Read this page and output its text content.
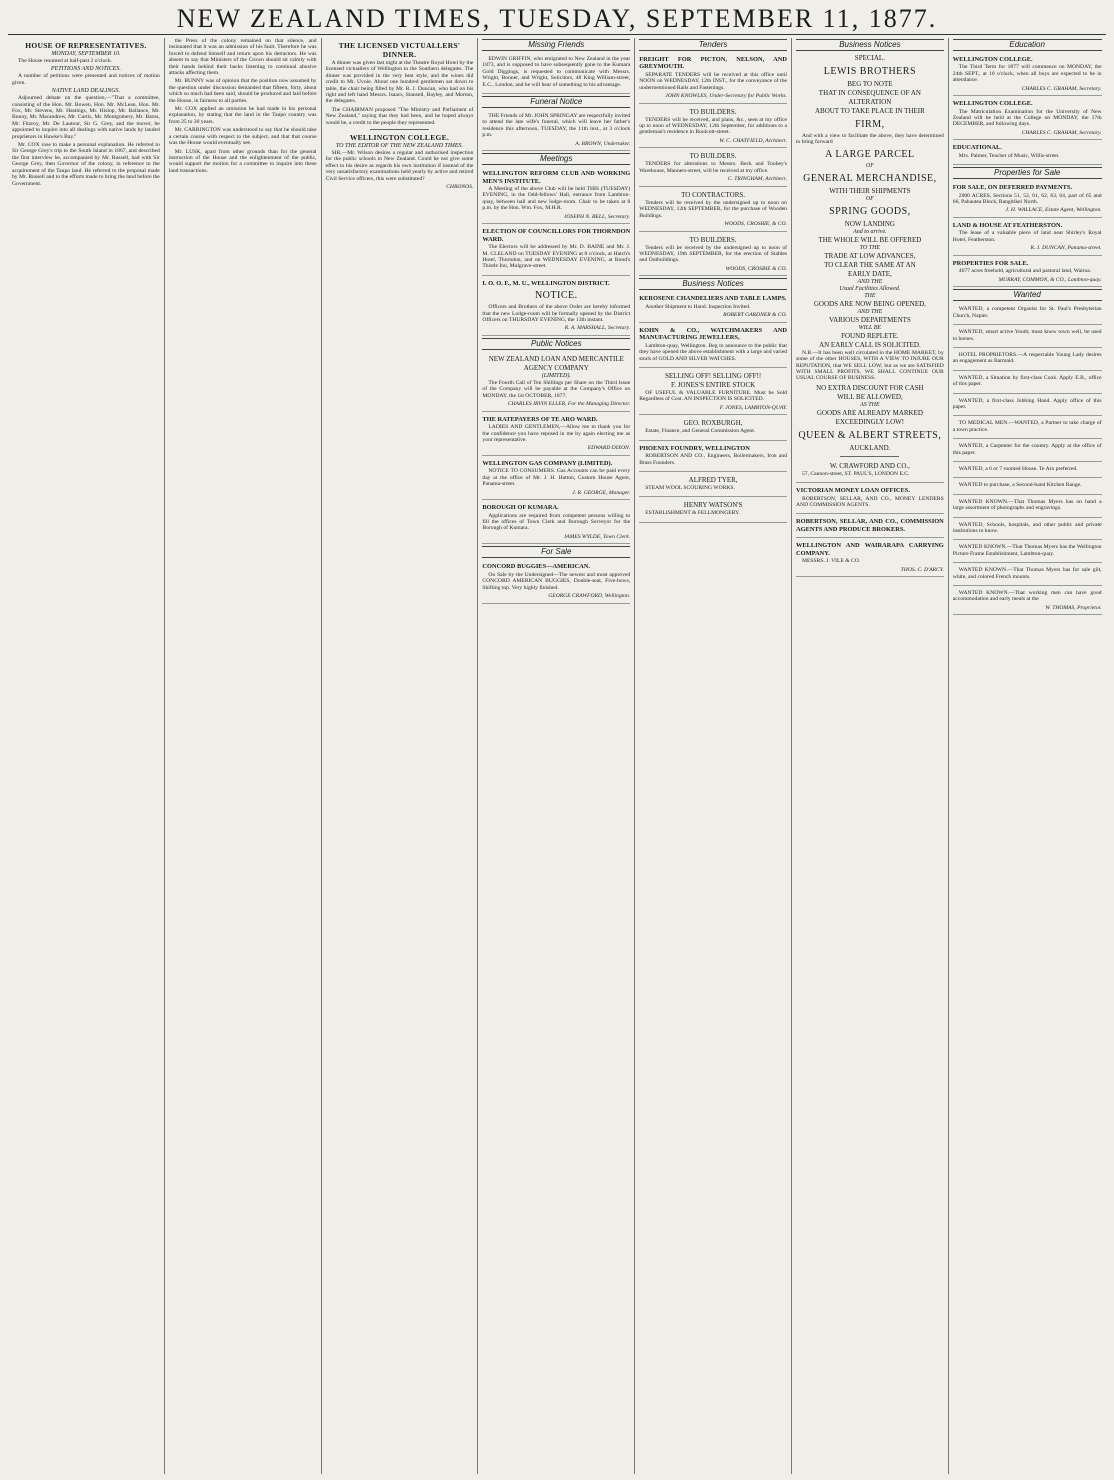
NEW ZEALAND TIMES, TUESDAY, SEPTEMBER 11, 1877.
HOUSE OF REPRESENTATIVES.
MONDAY, SEPTEMBER 10.

The House resumed at half-past 2 o'clock.

PETITIONS AND NOTICES.

A number of petitions were presented and notices of motion given.

NATIVE LAND DEALINGS.

Adjourned debate on the question,—"That a committee, consisting of the Hon. Mr. Bowen, Hon. Mr. McLean, Hon. Mr. Fox, Mr. Stevens, Mr. Hastings, Mr. Hislop, Mr. Ballance, Mr. Bunny, Mr. Macandrew, Mr. Curtis, Mr. Montgomery, Mr. Barns, Mr. Fitzroy, Mr. De Lautour, Sir G. Grey, and the mover, be appointed to inquire into all dealings with native lands by landed proprietors in Hawke's Bay."

Mr. COX rose to make a personal explanation. He referred to Sir George Grey's trip to the South Island in 1867, and described the first interview he, accompanied by Mr. Russell, had with Sir George Grey, then Governor of the colony, in reference to the acquirement of the Taupo land. He referred to the proposal made by Mr. Russell and to the efforts made to bring the land before the Government.

the Press of the colony remained on that silence, and insinuated that it was an admission of his fault. Therefore he was forced to defend himself and return upon his detractors. He was absent to say that Ministers of the Crown should sit calmly with their hands behind their backs listening to continual abusive attacks affecting them.

Mr. BUNNY was of opinion that the position now assumed by the question under discussion demanded that fifteen, forty, about which so much had been said, should be produced and laid before the House, in fairness to all parties.

Mr. COX applied an omission he had made in his personal explanation, by stating that the land in the Taupo country was from 25 to 30 years.

Mr. CARRINGTON was understood to say that he should take a certain course with respect to the subject, and that that course was the House would eventually see.

Mr. LUSK, apart from other grounds than for the general instruction of the House and the enlightenment of the public, would support the motion for a committee to inquire into these land transactions.

THE LICENSED VICTUALLERS' DINNER.

A dinner was given last night at the Theatre Royal Hotel by the licensed victuallers of Wellington to the Southern delegates. The dinner was provided in the very best style, and the wines did credit to Mr. Uvoie. About one hundred gentlemen sat down to table, the chair being filled by Mr. R. J. Duncan, who had on his right and left hand Messrs. Isaacs, Stansell, Bayley, and Morton, the delegates.

The CHAIRMAN proposed "The Ministry and Parliament of New Zealand," saying that they had been, and he hoped always would be, a credit to the people they represented.

WELLINGTON COLLEGE.
TO THE EDITOR OF THE NEW ZEALAND TIMES.

SIR,—Mr. Wilson desires a regular and authorised inspection for the public schools in New Zealand. Could he not give some effect to his desire as regards his own institution if instead of the very unsatisfactory examinations held yearly by active and retired Civil Service officers, this were substituted?

CHRONOS.
Missing Friends

EDWIN GRIFFIN, who emigrated to New Zealand in the year 1873, and is supposed to have subsequently gone to the Kumara Gold Diggings, is requested to communicate with Messrs. Wright, Bonner, and Wright, Solicitors, 48 King William-street, E.C., London, and he will hear of something to his advantage.

Funeral Notice

THE Friends of Mr. JOHN SPRINGAY are respectfully invited to attend the late wife's funeral, which will leave her father's residence this afternoon, TUESDAY, the 11th inst., at 3 o'clock p.m.

A. BROWN, Undertaker.
Meetings
WELLINGTON REFORM CLUB AND WORKING MEN'S INSTITUTE.

A Meeting of the above Club will be held THIS (TUESDAY) EVENING, in the Odd-fellows' Hall, entrance from Lambton-quay, between hall and new lodge-room. Chair to be taken at 8 p.m. by the Hon. Wm. Fox, M.H.R.

JOSEPH N. BELL, Secretary.
ELECTION OF COUNCILLORS FOR THORNDON WARD.

The Electors will be addressed by Mr. D. BAINE and Mr. J. M. CLELAND on TUESDAY EVENING at 8 o'clock, at Hatch's Hotel, Thorndon, and on WEDNESDAY EVENING, at Bond's Thistle Inn, Mulgrave-street.

I. O. O. F., M. U., WELLINGTON DISTRICT.
NOTICE.

Officers and Brothers of the above Order are hereby informed that the new Lodge-room will be formally opened by the District Officers on THURSDAY EVENING, the 13th instant.

R. A. MARSHALL, Secretary.
Public Notices
NEW ZEALAND LOAN AND MERCANTILE AGENCY COMPANY
(LIMITED).

The Fourth Call of Ten Shillings per Share on the Third Issue of the Company will be payable at the Company's Office on MONDAY, the 1st OCTOBER, 1877.

CHARLES IRVIN ELLER, For the Managing Director.
THE RATEPAYERS OF TE ARO WARD.

LADIES AND GENTLEMEN,—Allow me to thank you for the confidence you have reposed in me by again electing me as your representative.

EDWARD DIXON.
WELLINGTON GAS COMPANY (LIMITED).

NOTICE TO CONSUMERS. Gas Accounts can be paid every day at the office of Mr. J. H. Hatton, Custom House Agent, Panama-street.

J. R. GEORGE, Manager.
BOROUGH OF KUMARA.

Applications are required from competent persons willing to fill the offices of Town Clerk and Borough Surveyor for the Borough of Kumara.

JAMES WYLDE, Town Clerk.
For Sale
CONCORD BUGGIES—AMERICAN.

On Sale by the Undersigned—The newest and most approved CONCORD AMERICAN BUGGIES, Double-seat, Five-bows, Shifting top. Very highly finished.

GEORGE CRAWFORD, Wellington.
Tenders
FREIGHT FOR PICTON, NELSON, AND GREYMOUTH.

SEPARATE TENDERS will be received at this office until NOON on WEDNESDAY, 12th INST., for the conveyance of the undermentioned Rails and Fastenings.

JOHN KNOWLES, Under-Secretary for Public Works.
TO BUILDERS.

TENDERS will be received, and plans, &c., seen at my office up to noon of WEDNESDAY, 12th September, for additions to a gentleman's residence in Boulcott-street.

W. C. CHATFIELD, Architect.
TO BUILDERS.

TENDERS for alterations to Messrs. Beck and Toohey's Warehouse, Manners-street, will be received at my office.

C. TRINGHAM, Architect.
TO CONTRACTORS.

Tenders will be received by the undersigned up to noon on WEDNESDAY, 12th SEPTEMBER, for the purchase of Wooden Buildings.

WOODS, CROSBIE, & CO.
TO BUILDERS.

Tenders will be received by the undersigned up to noon of WEDNESDAY, 19th SEPTEMBER, for the erection of Stables and Outbuildings.

WOODS, CROSBIE & CO.
Business Notices
KEROSENE CHANDELIERS AND TABLE LAMPS.

Another Shipment to Hand. Inspection Invited.

ROBERT GARDNER & CO.
KOHN & CO., WATCHMAKERS AND MANUFACTURING JEWELLERS,

Lambton-quay, Wellington. Beg to announce to the public that they have opened the above establishment with a large and varied stock of GOLD AND SILVER WATCHES.

SELLING OFF! SELLING OFF!!
F. JONES'S ENTIRE STOCK

OF USEFUL & VALUABLE FURNITURE. Must be Sold Regardless of Cost. AN INSPECTION IS SOLICITED.

F. JONES, LAMBTON-QUAY.
GEO. ROXBURGH,

Estate, Finance, and General Commission Agent.

PHOENIX FOUNDRY, WELLINGTON

ROBERTSON AND CO., Engineers, Boilermakers, Iron and Brass Founders.

ALFRED TYER,

STEAM WOOL SCOURING WORKS.

HENRY WATSON'S

ESTABLISHMENT & FELLMONGERY.

Business Notices
SPECIAL.
LEWIS BROTHERS
BEG TO NOTE
THAT IN CONSEQUENCE OF AN
ALTERATION
ABOUT TO TAKE PLACE IN THEIR
FIRM,

And with a view to facilitate the above, they have determined to bring forward

A LARGE PARCEL
OF
GENERAL MERCHANDISE,
WITH THEIR SHIPMENTS
OF
SPRING GOODS,
NOW LANDING
And to arrive.
THE WHOLE WILL BE OFFERED
TO THE
TRADE AT LOW ADVANCES,
TO CLEAR THE SAME AT AN
EARLY DATE,
AND THE
Usual Facilities Allowed.
THE
GOODS ARE NOW BEING OPENED,
AND THE
VARIOUS DEPARTMENTS
WILL BE
FOUND REPLETE.
AN EARLY CALL IS SOLICITED.

N.B.—It has been well circulated in the HOME MARKET, by some of the other HOUSES, WITH A VIEW TO INJURE OUR REPUTATION, that WE SELL LOW; but as we are SATISFIED WITH SMALL PROFITS, WE SHALL CONTINUE OUR USUAL COURSE OF BUSINESS.

NO EXTRA DISCOUNT FOR CASH
WILL BE ALLOWED,
AS THE
GOODS ARE ALREADY MARKED
EXCEEDINGLY LOW!
QUEEN & ALBERT STREETS,
AUCKLAND.
W. CRAWFORD AND CO.,

57, Cannon-street, ST. PAUL'S, LONDON E.C.

VICTORIAN MONEY LOAN OFFICES.

ROBERTSON, SELLAR, AND CO., MONEY LENDERS AND COMMISSION AGENTS.

ROBERTSON, SELLAR, AND CO., COMMISSION AGENTS AND PRODUCE BROKERS.
WELLINGTON AND WAIRARAPA CARRYING COMPANY.

MESSRS. J. VILE & CO.

THOS. C. D'ARCY.
Education
WELLINGTON COLLEGE.

The Third Term for 1877 will commence on MONDAY, the 24th SEPT., at 10 o'clock, when all boys are expected to be in attendance.

CHARLES C. GRAHAM, Secretary.
WELLINGTON COLLEGE.

The Matriculation Examination for the University of New Zealand will be held at the College on MONDAY, the 17th DECEMBER, and following days.

CHARLES C. GRAHAM, Secretary.
EDUCATIONAL.

Mrs. Palmer, Teacher of Music, Willis-street.

Properties for Sale
FOR SALE, ON DEFERRED PAYMENTS.

2000 ACRES, Sections 51, 52, 61, 62, 63, 64, part of 65 and 66, Pahautea Block, Rangitikei North.

J. H. WALLACE, Estate Agent, Wellington.
LAND & HOUSE AT FEATHERSTON.

The lease of a valuable piece of land near Shirley's Royal Hotel, Featherston.

R. J. DUNCAN, Panama-street.
PROPERTIES FOR SALE.

4677 acres freehold, agricultural and pastoral land, Wairoa.

MURRAY, COMMON, & CO., Lambton-quay.
Wanted

WANTED, a competent Organist for St. Paul's Presbyterian Church, Napier.

WANTED, smart active Youth; must know town well, be used to horses.

HOTEL PROPRIETORS.—A respectable Young Lady desires an engagement as Barmaid.

WANTED, a Situation by first-class Cook. Apply E.B., office of this paper.

WANTED, a first-class Jobbing Hand. Apply office of this paper.

TO MEDICAL MEN.—WANTED, a Partner to take charge of a town practice.

WANTED, a Carpenter for the country. Apply at the office of this paper.

WANTED, a 6 or 7 roomed House. Te Aro preferred.

WANTED to purchase, a Second-hand Kitchen Range.

WANTED KNOWN.—That Thomas Myers has on hand a large assortment of photographs and engravings.

WANTED, Schools, hospitals, and other public and private institutions to know.

WANTED KNOWN.—That Thomas Myers has the Wellington Picture Frame Establishment, Lambton-quay.

WANTED KNOWN.—That Thomas Myers has for sale gilt, white, and colored French mounts.

WANTED KNOWN.—That working men can have good accommodation and early meals at the

W. THOMAS, Proprietor.
